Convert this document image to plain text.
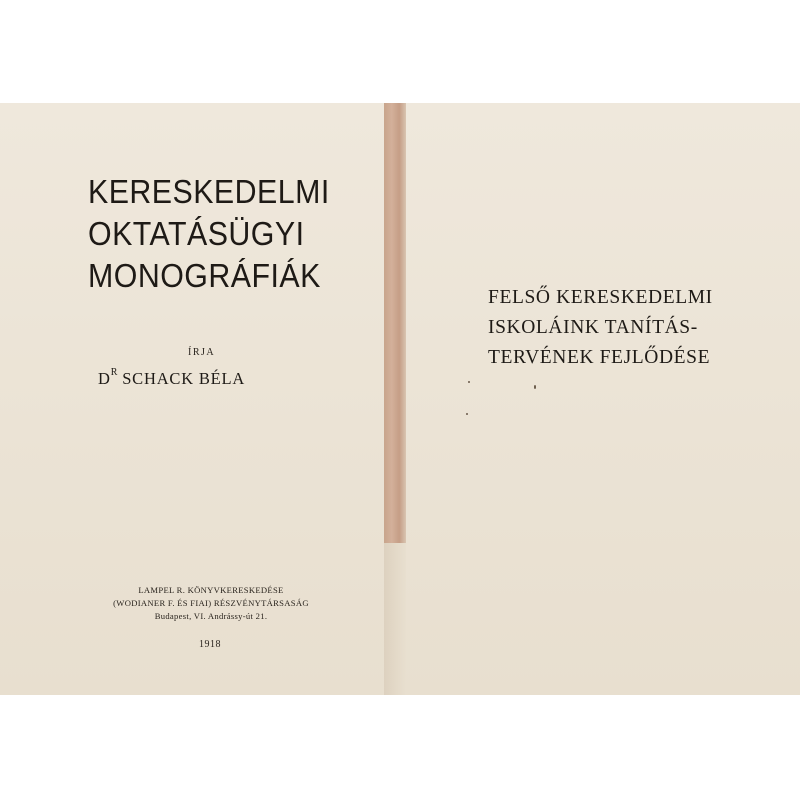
KERESKEDELMI
OKTATÁSÜGYI
MONOGRÁFIÁK
ÍRJA
$D^R$ SCHACK BÉLA
LAMPEL R. KÖNYVKERESKEDÉSE
(WODIANER F. ÉS FIAI) RÉSZVÉNYTÁRSASÁG
Budapest, VI. Andrássy-út 21.
1918
FELSŐ KERESKEDELMI
ISKOLÁINK TANÍTÁS-
TERVÉNEK FEJLŐDÉSE
